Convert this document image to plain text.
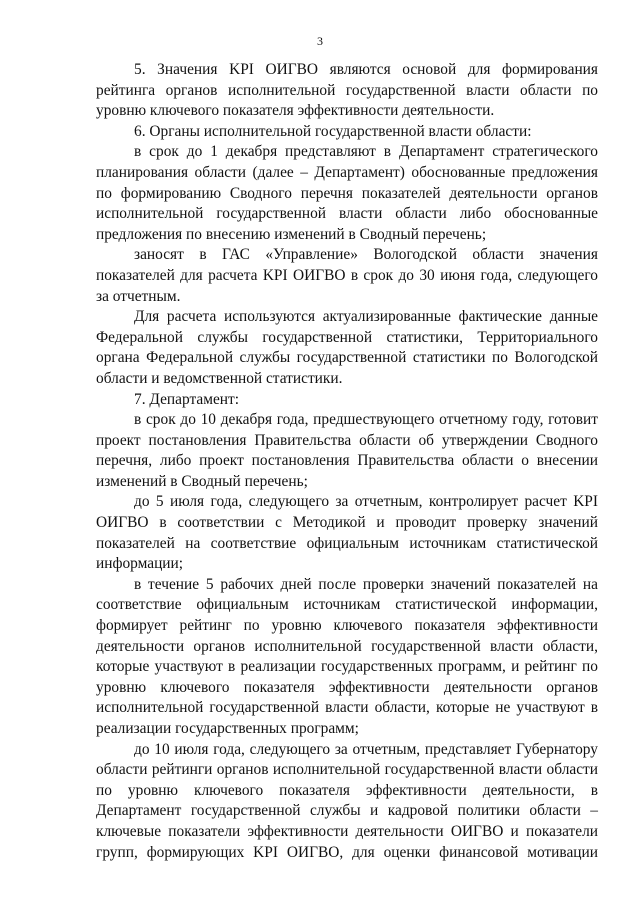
3

5. Значения KPI ОИГВО являются основой для формирования рейтинга органов исполнительной государственной власти области по уровню ключевого показателя эффективности деятельности.

6. Органы исполнительной государственной власти области:

в срок до 1 декабря представляют в Департамент стратегического планирования области (далее – Департамент) обоснованные предложения по формированию Сводного перечня показателей деятельности органов исполнительной государственной власти области либо обоснованные предложения по внесению изменений в Сводный перечень;

заносят в ГАС «Управление» Вологодской области значения показателей для расчета KPI ОИГВО в срок до 30 июня года, следующего за отчетным.

Для расчета используются актуализированные фактические данные Федеральной службы государственной статистики, Территориального органа Федеральной службы государственной статистики по Вологодской области и ведомственной статистики.

7. Департамент:

в срок до 10 декабря года, предшествующего отчетному году, готовит проект постановления Правительства области об утверждении Сводного перечня, либо проект постановления Правительства области о внесении изменений в Сводный перечень;

до 5 июля года, следующего за отчетным, контролирует расчет KPI ОИГВО в соответствии с Методикой и проводит проверку значений показателей на соответствие официальным источникам статистической информации;

в течение 5 рабочих дней после проверки значений показателей на соответствие официальным источникам статистической информации, формирует рейтинг по уровню ключевого показателя эффективности деятельности органов исполнительной государственной власти области, которые участвуют в реализации государственных программ, и рейтинг по уровню ключевого показателя эффективности деятельности органов исполнительной государственной власти области, которые не участвуют в реализации государственных программ;

до 10 июля года, следующего за отчетным, представляет Губернатору области рейтинги органов исполнительной государственной власти области по уровню ключевого показателя эффективности деятельности, в Департамент государственной службы и кадровой политики области – ключевые показатели эффективности деятельности ОИГВО и показатели групп, формирующих KPI ОИГВО, для оценки финансовой мотивации
